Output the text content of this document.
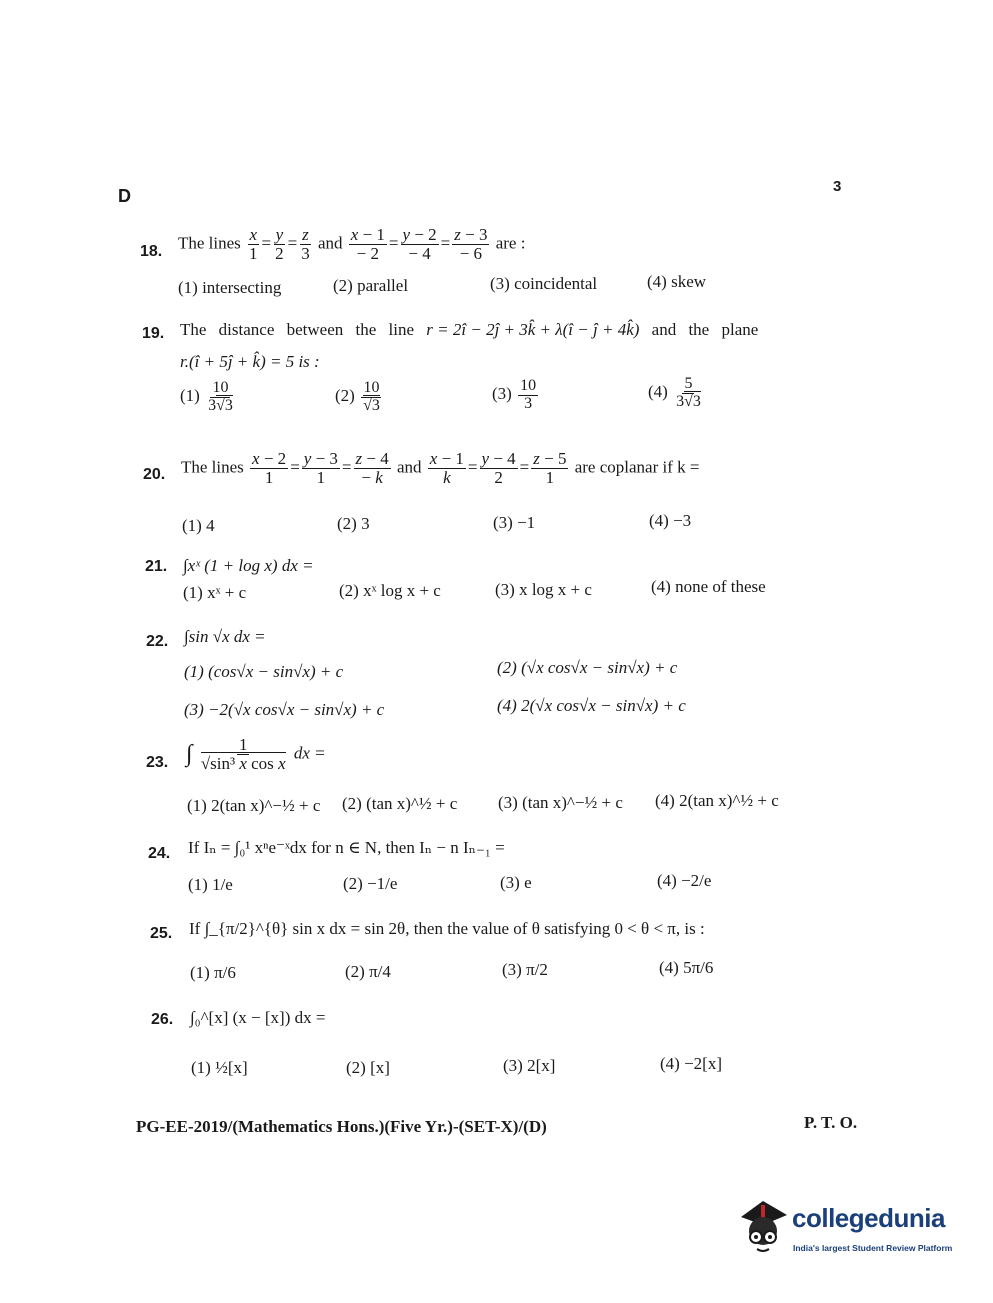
D	3
18. The lines $\frac{x}{1} = \frac{y}{2} = \frac{z}{3}$ and $\frac{x - 1}{- 2} = \frac{y - 2}{- 4} = \frac{z - 3}{- 6}$ are :
(1) intersecting	(2) parallel	(3) coincidental	(4) skew
19. The distance between the line r = 2î − 2ĵ + 3k̂ + λ(î − ĵ + 4k̂) and the plane
r.(î + 5ĵ + k̂) = 5 is :
$(1) \frac{10}{3√3}$	$(2) \frac{10}{√3}$	$(3) \frac{10}{3}$	$(4) \frac{5}{3√3}$
20. The lines $\frac{x - 2}{1} = \frac{y - 3}{1} = \frac{z - 4}{- k}$ and $\frac{x - 1}{k} = \frac{y - 4}{2} = \frac{z - 5}{1}$ are coplanar if k =
(1) 4	(2) 3	(3) −1	(4) −3
21. ∫xˣ (1 + log x) dx =
(1) xˣ + c	(2) xˣ log x + c	(3) x log x + c	(4) none of these
22. ∫sin √x dx =
(1) (cos√x − sin√x) + c	(2) (√x cos√x − sin√x) + c
(3) −2(√x cos√x − sin√x) + c	(4) 2(√x cos√x − sin√x) + c
23. ∫ $\frac{1}{\text{√sin³ x cos x}}$ dx =
(1) 2(tan x)^−½ + c (2) (tan x)^½ + c (3) (tan x)^−½ + c (4) 2(tan x)^½ + c
24. If Iₙ = ∫₀¹ xⁿe⁻ˣdx for n ∈ N, then Iₙ − n Iₙ₋₁ =
(1) 1/e	(2) −1/e	(3) e	(4) −2/e
25. If ∫_{π/2}^{θ} sin x dx = sin 2θ, then the value of θ satisfying 0 < θ < π, is :
(1) π/6	(2) π/4	(3) π/2	(4) 5π/6
26. ∫₀^[x] (x − [x]) dx =
(1) ½[x]	(2) [x]	(3) 2[x]	(4) −2[x]
PG-EE-2019/(Mathematics Hons.)(Five Yr.)-(SET-X)/(D)	P. T. O.
collegedunia
India's largest Student Review Platform
